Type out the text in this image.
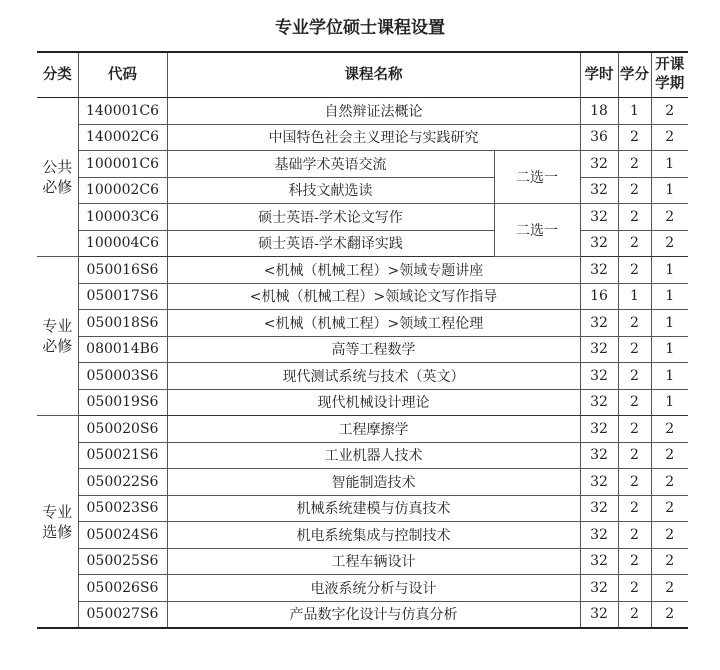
专业学位硕士课程设置
分类	代码	课程名称		学时	学分	开课
学期

公共
必修	140001C6	自然辩证法概论		18	1	2
	140002C6	中国特色社会主义理论与实践研究		36	2	2
	100001C6	基础学术英语交流	二选一	32	2	1
	100002C6	科技文献选读		32	2	1
	100003C6	硕士英语-学术论文写作	二选一	32	2	2
	100004C6	硕士英语-学术翻译实践		32	2	2

专业
必修	050016S6	<机械（机械工程）>领域专题讲座		32	2	1
	050017S6	<机械（机械工程）>领域论文写作指导		16	1	1
	050018S6	<机械（机械工程）>领域工程伦理		32	2	1
	080014B6	高等工程数学		32	2	1
	050003S6	现代测试系统与技术（英文）		32	2	1
	050019S6	现代机械设计理论		32	2	1

专业
选修	050020S6	工程摩擦学		32	2	2
	050021S6	工业机器人技术		32	2	2
	050022S6	智能制造技术		32	2	2
	050023S6	机械系统建模与仿真技术		32	2	2
	050024S6	机电系统集成与控制技术		32	2	2
	050025S6	工程车辆设计		32	2	2
	050026S6	电液系统分析与设计		32	2	2
	050027S6	产品数字化设计与仿真分析		32	2	2
